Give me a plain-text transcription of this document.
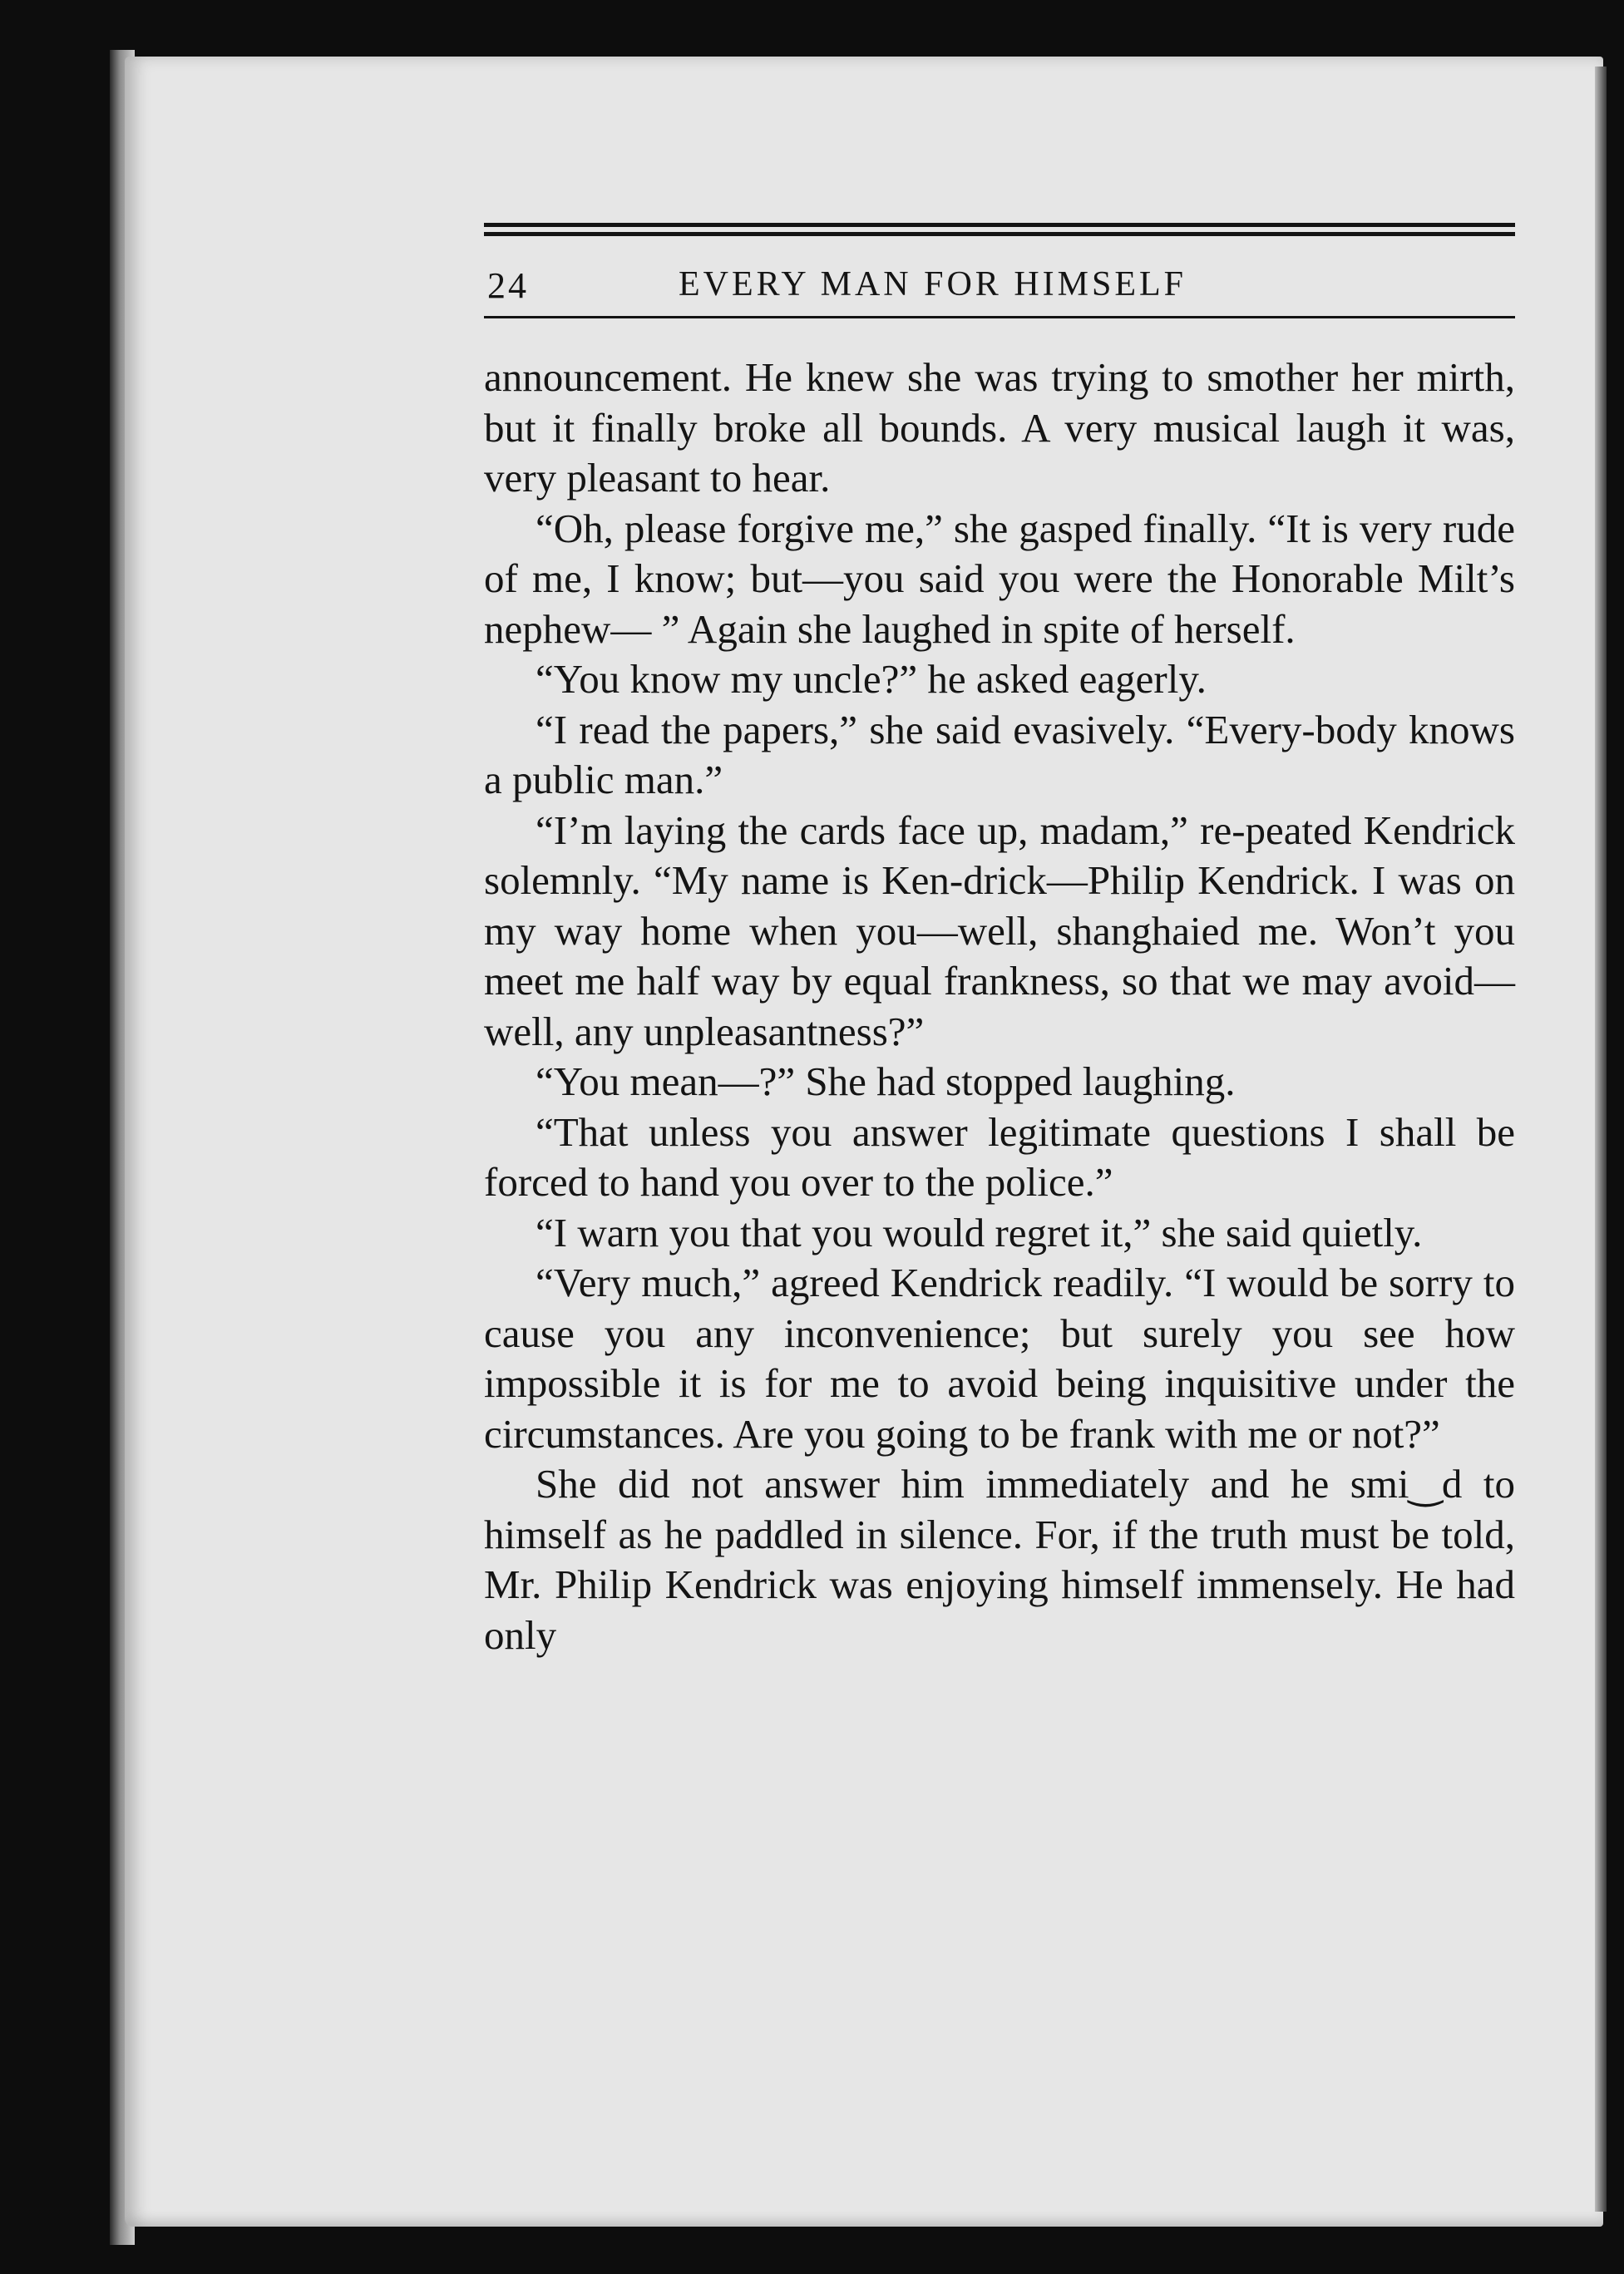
24	EVERY MAN FOR HIMSELF

announcement. He knew she was trying to smother her mirth, but it finally broke all bounds. A very musical laugh it was, very pleasant to hear.

“Oh, please forgive me,” she gasped finally. “It is very rude of me, I know; but—you said you were the Honorable Milt’s nephew— ” Again she laughed in spite of herself.

“You know my uncle?” he asked eagerly.

“I read the papers,” she said evasively. “Every-body knows a public man.”

“I’m laying the cards face up, madam,” re-peated Kendrick solemnly. “My name is Ken-drick—Philip Kendrick. I was on my way home when you—well, shanghaied me. Won’t you meet me half way by equal frankness, so that we may avoid—well, any unpleasantness?”

“You mean—?” She had stopped laughing.

“That unless you answer legitimate questions I shall be forced to hand you over to the police.”

“I warn you that you would regret it,” she said quietly.

“Very much,” agreed Kendrick readily. “I would be sorry to cause you any inconvenience; but surely you see how impossible it is for me to avoid being inquisitive under the circumstances. Are you going to be frank with me or not?”

She did not answer him immediately and he smi‿d to himself as he paddled in silence. For, if the truth must be told, Mr. Philip Kendrick was enjoying himself immensely. He had only
